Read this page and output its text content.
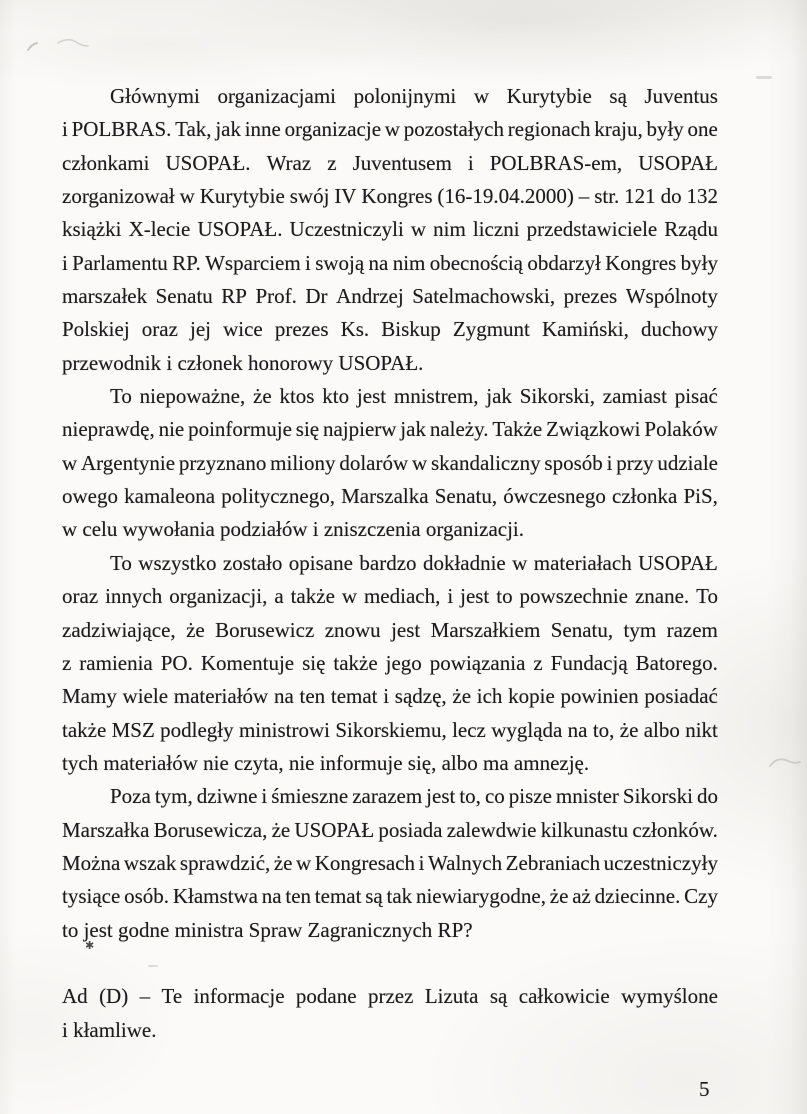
Głównymi organizacjami polonijnymi w Kurytybie są Juventus
i POLBRAS. Tak, jak inne organizacje w pozostałych regionach kraju, były one
członkami USOPAŁ. Wraz z Juventusem i POLBRAS-em, USOPAŁ
zorganizował w Kurytybie swój IV Kongres (16-19.04.2000) – str. 121 do 132
książki X-lecie USOPAŁ. Uczestniczyli w nim liczni przedstawiciele Rządu
i Parlamentu RP. Wsparciem i swoją na nim obecnością obdarzył Kongres były
marszałek Senatu RP Prof. Dr Andrzej Satelmachowski, prezes Wspólnoty
Polskiej oraz jej wice prezes Ks. Biskup Zygmunt Kamiński, duchowy
przewodnik i członek honorowy USOPAŁ.
To niepoważne, że ktos kto jest mnistrem, jak Sikorski, zamiast pisać
nieprawdę, nie poinformuje się najpierw jak należy. Także Związkowi Polaków
w Argentynie przyznano miliony dolarów w skandaliczny sposób i przy udziale
owego kamaleona politycznego, Marszalka Senatu, ówczesnego członka PiS,
w celu wywołania podziałów i zniszczenia organizacji.
To wszystko zostało opisane bardzo dokładnie w materiałach USOPAŁ
oraz innych organizacji, a także w mediach, i jest to powszechnie znane. To
zadziwiające, że Borusewicz znowu jest Marszałkiem Senatu, tym razem
z ramienia PO. Komentuje się także jego powiązania z Fundacją Batorego.
Mamy wiele materiałów na ten temat i sądzę, że ich kopie powinien posiadać
także MSZ podległy ministrowi Sikorskiemu, lecz wygląda na to, że albo nikt
tych materiałów nie czyta, nie informuje się, albo ma amnezję.
Poza tym, dziwne i śmieszne zarazem jest to, co pisze mnister Sikorski do
Marszałka Borusewicza, że USOPAŁ posiada zalewdwie kilkunastu członków.
Można wszak sprawdzić, że w Kongresach i Walnych Zebraniach uczestniczyły
tysiące osób. Kłamstwa na ten temat są tak niewiarygodne, że aż dziecinne. Czy
to jest godne ministra Spraw Zagranicznych RP?
Ad (D) – Te informacje podane przez Lizuta są całkowicie wymyślone
i kłamliwe.
✱
5
